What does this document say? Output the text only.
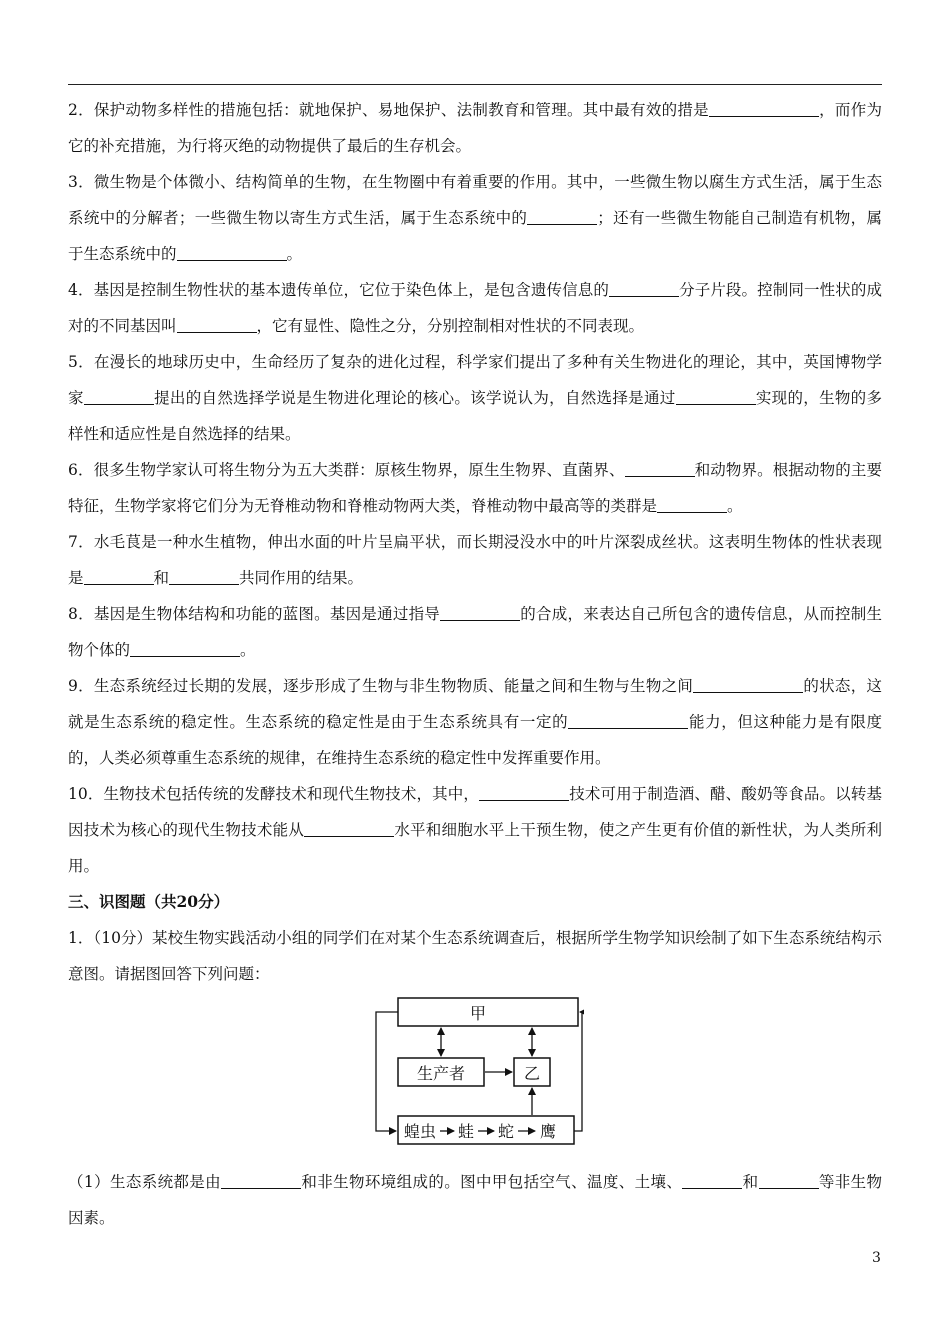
2．保护动物多样性的措施包括：就地保护、易地保护、法制教育和管理。其中最有效的措是	，而作为它的补充措施，为行将灭绝的动物提供了最后的生存机会。

3．微生物是个体微小、结构简单的生物，在生物圈中有着重要的作用。其中，一些微生物以腐生方式生活，属于生态系统中的分解者；一些微生物以寄生方式生活，属于生态系统中的	；还有一些微生物能自己制造有机物，属于生态系统中的	。

4．基因是控制生物性状的基本遗传单位，它位于染色体上，是包含遗传信息的	分子片段。控制同一性状的成对的不同基因叫	，它有显性、隐性之分，分别控制相对性状的不同表现。

5．在漫长的地球历史中，生命经历了复杂的进化过程，科学家们提出了多种有关生物进化的理论，其中，英国博物学家	提出的自然选择学说是生物进化理论的核心。该学说认为，自然选择是通过	实现的，生物的多样性和适应性是自然选择的结果。

6．很多生物学家认可将生物分为五大类群：原核生物界，原生生物界、直菌界、	和动物界。根据动物的主要特征，生物学家将它们分为无脊椎动物和脊椎动物两大类，脊椎动物中最高等的类群是	。

7．水毛茛是一种水生植物，伸出水面的叶片呈扁平状，而长期浸没水中的叶片深裂成丝状。这表明生物体的性状表现是	和	共同作用的结果。

8．基因是生物体结构和功能的蓝图。基因是通过指导	的合成，来表达自己所包含的遗传信息，从而控制生物个体的	。

9．生态系统经过长期的发展，逐步形成了生物与非生物物质、能量之间和生物与生物之间	的状态，这就是生态系统的稳定性。生态系统的稳定性是由于生态系统具有一定的	能力，但这种能力是有限度的，人类必须尊重生态系统的规律，在维持生态系统的稳定性中发挥重要作用。

10．生物技术包括传统的发酵技术和现代生物技术，其中，	技术可用于制造酒、醋、酸奶等食品。以转基因技术为核心的现代生物技术能从	水平和细胞水平上干预生物，使之产生更有价值的新性状，为人类所利用。

三、识图题（共20分）

1．（10分）某校生物实践活动小组的同学们在对某个生态系统调查后，根据所学生物学知识绘制了如下生态系统结构示意图。请据图回答下列问题：

甲
生产者	乙
蝗虫 蛙 蛇 鹰

（1）生态系统都是由	和非生物环境组成的。图中甲包括空气、温度、土壤、	和	等非生物因素。

3
